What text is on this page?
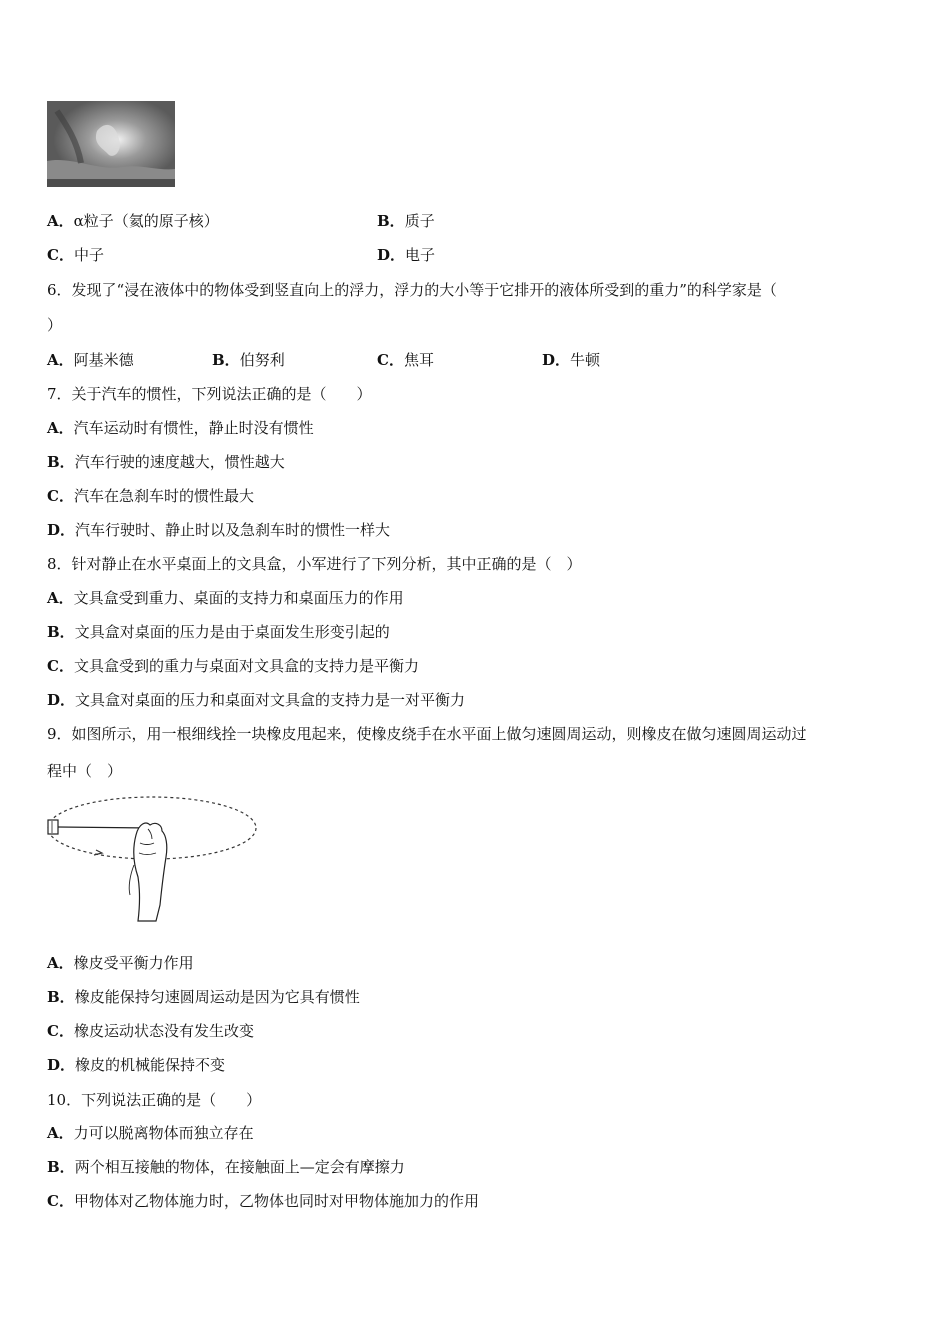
A．α粒子（氦的原子核）	B．质子
C．中子	D．电子
6．发现了“浸在液体中的物体受到竖直向上的浮力，浮力的大小等于它排开的液体所受到的重力”的科学家是（
）
A．阿基米德	B．伯努利	C．焦耳	D．牛顿
7．关于汽车的惯性，下列说法正确的是（　　）
A．汽车运动时有惯性，静止时没有惯性
B．汽车行驶的速度越大，惯性越大
C．汽车在急刹车时的惯性最大
D．汽车行驶时、静止时以及急刹车时的惯性一样大
8．针对静止在水平桌面上的文具盒，小军进行了下列分析，其中正确的是（　）
A．文具盒受到重力、桌面的支持力和桌面压力的作用
B．文具盒对桌面的压力是由于桌面发生形变引起的
C．文具盒受到的重力与桌面对文具盒的支持力是平衡力
D．文具盒对桌面的压力和桌面对文具盒的支持力是一对平衡力
9．如图所示，用一根细线拴一块橡皮甩起来，使橡皮绕手在水平面上做匀速圆周运动，则橡皮在做匀速圆周运动过
程中（　）
A．橡皮受平衡力作用
B．橡皮能保持匀速圆周运动是因为它具有惯性
C．橡皮运动状态没有发生改变
D．橡皮的机械能保持不变
10．下列说法正确的是（　　）
A．力可以脱离物体而独立存在
B．两个相互接触的物体，在接触面上—定会有摩擦力
C．甲物体对乙物体施力时，乙物体也同时对甲物体施加力的作用
